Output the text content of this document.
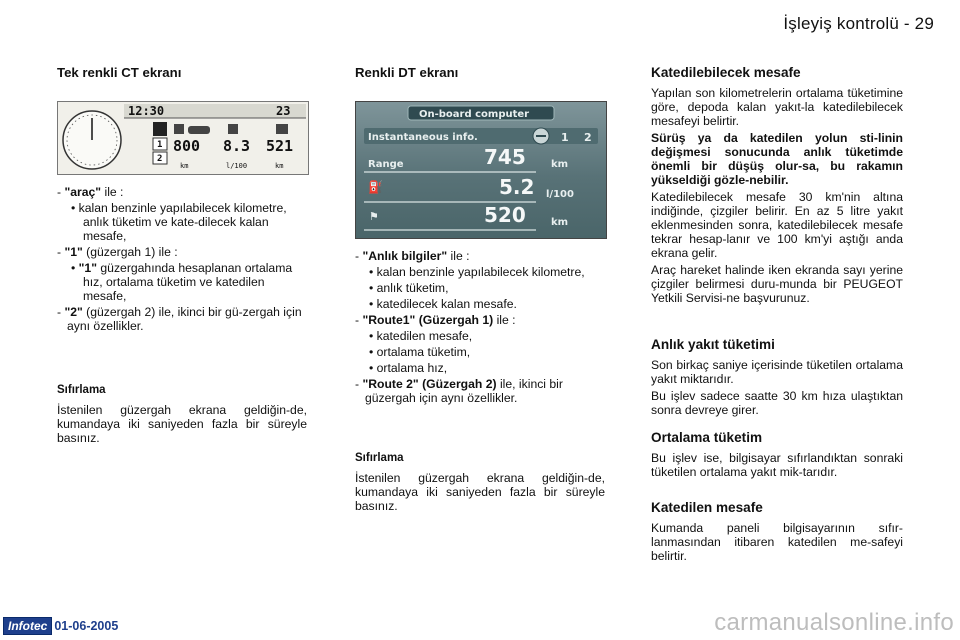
İşleyiş kontrolü - 29
Tek renkli CT ekranı
12:30	23
1
2
800 8.3 521
km	l/100	km
- "araç" ile :
• kalan benzinle yapılabilecek kilometre, anlık tüketim ve kate-dilecek kalan mesafe,
- "1" (güzergah 1) ile :
• "1" güzergahında hesaplanan ortalama hız, ortalama tüketim ve katedilen mesafe,
- "2" (güzergah 2) ile, ikinci bir gü-zergah için aynı özellikler.
Sıfırlama

İstenilen güzergah ekrana geldiğin-de, kumandaya iki saniyeden fazla bir süreyle basınız.

Renkli DT ekranı
⛽
⚑
On-board computer
Instantaneous info.	1 2
Range	745	km
5.2 l/100
520	km
- "Anlık bilgiler" ile :
• kalan benzinle yapılabilecek kilometre,
• anlık tüketim,
• katedilecek kalan mesafe.
- "Route1" (Güzergah 1) ile :
• katedilen mesafe,
• ortalama tüketim,
• ortalama hız,
- "Route 2" (Güzergah 2) ile, ikinci bir güzergah için aynı özellikler.
Sıfırlama

İstenilen güzergah ekrana geldiğin-de, kumandaya iki saniyeden fazla bir süreyle basınız.

Katedilebilecek mesafe

Yapılan son kilometrelerin ortalama tüketimine göre, depoda kalan yakıt-la katedilebilecek mesafeyi belirtir.

Sürüş ya da katedilen yolun sti-linin değişmesi sonucunda anlık tüketimde önemli bir düşüş olur-sa, bu rakamın yükseldiği gözle-nebilir.

Katedilebilecek mesafe 30 km'nin altına indiğinde, çizgiler belirir. En az 5 litre yakıt eklenmesinden sonra, katedilebilecek mesafe tekrar hesap-lanır ve 100 km'yi aştığı anda ekrana gelir.

Araç hareket halinde iken ekranda sayı yerine çizgiler belirmesi duru-munda bir PEUGEOT Yetkili Servisi-ne başvurunuz.

Anlık yakıt tüketimi

Son birkaç saniye içerisinde tüketilen ortalama yakıt miktarıdır.

Bu işlev sadece saatte 30 km hıza ulaştıktan sonra devreye girer.

Ortalama tüketim

Bu işlev ise, bilgisayar sıfırlandıktan sonraki tüketilen ortalama yakıt mik-tarıdır.

Katedilen mesafe

Kumanda paneli bilgisayarının sıfır-lanmasından itibaren katedilen me-safeyi belirtir.

Infotec 01-06-2005	carmanualsonline.info
